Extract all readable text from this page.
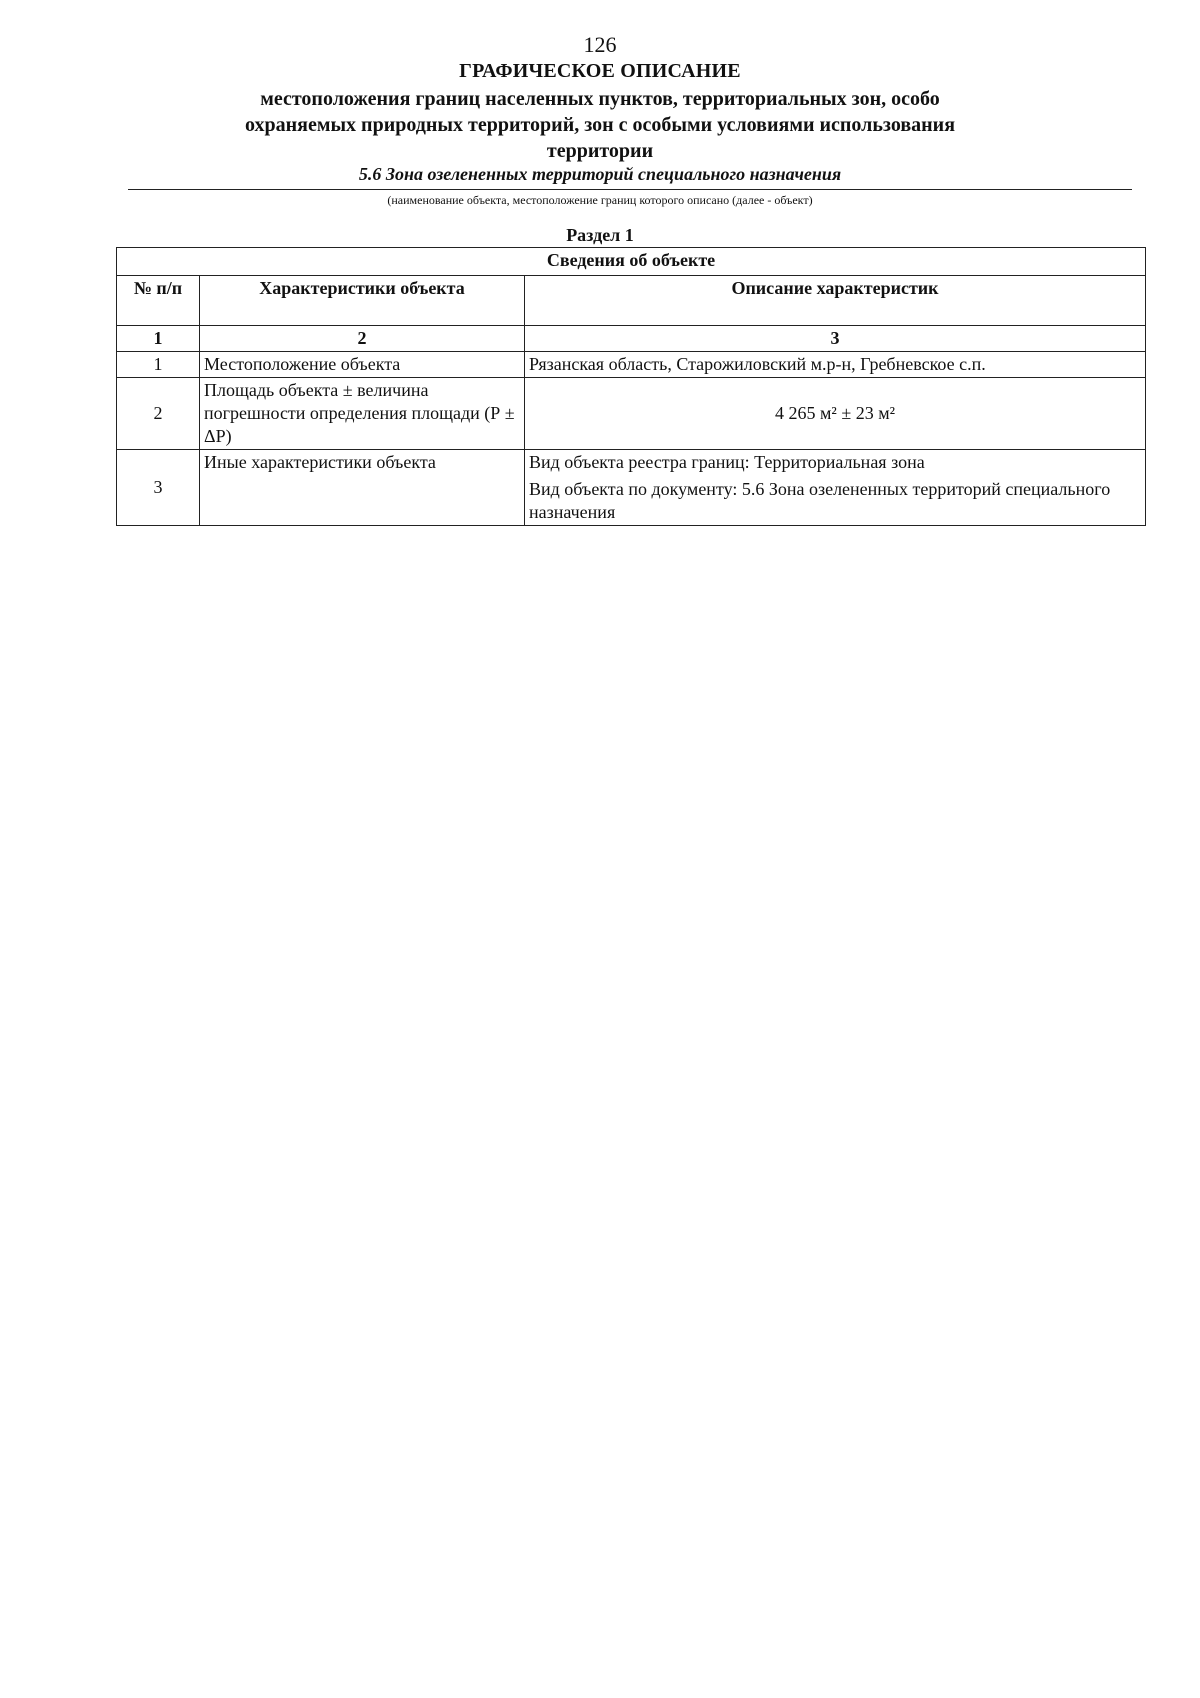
126
ГРАФИЧЕСКОЕ ОПИСАНИЕ
местоположения границ населенных пунктов, территориальных зон, особо охраняемых природных территорий, зон с особыми условиями использования территории
5.6 Зона озелененных территорий специального назначения
(наименование объекта, местоположение границ которого описано (далее - объект)
Раздел 1
Сведения об объекте		
№ п/п	Характеристики объекта	Описание характеристик
1	2	3
1	Местоположение объекта	Рязанская область, Старожиловский м.р-н, Гребневское с.п.
2	Площадь объекта ± величина погрешности определения площади (Р ± ΔР)	4 265 м² ± 23 м²
3	Иные характеристики объекта	Вид объекта реестра границ: Территориальная зона

Вид объекта по документу: 5.6 Зона озелененных территорий специального назначения
